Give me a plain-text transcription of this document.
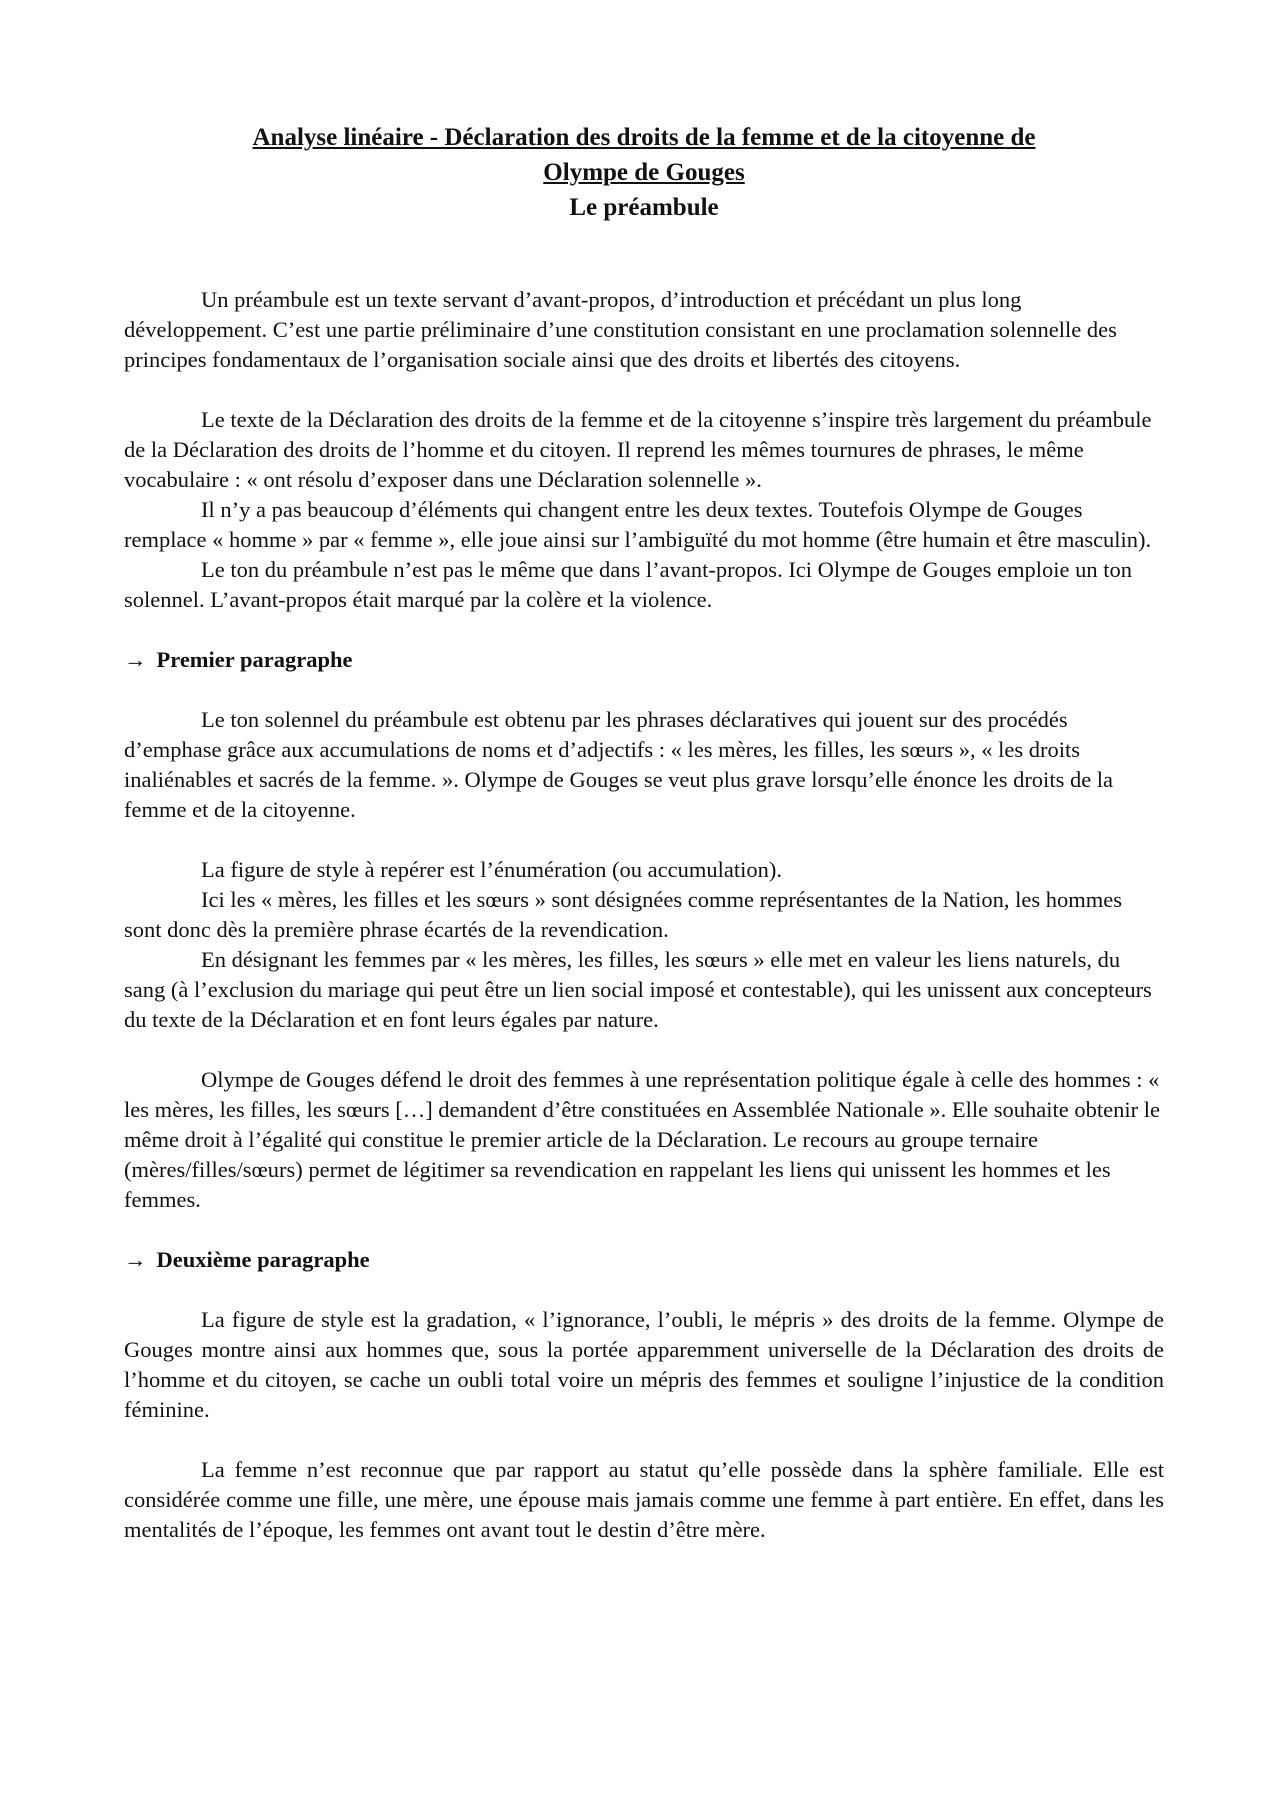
Analyse linéaire - Déclaration des droits de la femme et de la citoyenne de
Olympe de Gouges
Le préambule

Un préambule est un texte servant d’avant-propos, d’introduction et précédant un plus long développement. C’est une partie préliminaire d’une constitution consistant en une proclamation solennelle des principes fondamentaux de l’organisation sociale ainsi que des droits et libertés des citoyens.

Le texte de la Déclaration des droits de la femme et de la citoyenne s’inspire très largement du préambule de la Déclaration des droits de l’homme et du citoyen. Il reprend les mêmes tournures de phrases, le même vocabulaire : « ont résolu d’exposer dans une Déclaration solennelle ».

Il n’y a pas beaucoup d’éléments qui changent entre les deux textes. Toutefois Olympe de Gouges remplace « homme » par « femme », elle joue ainsi sur l’ambiguïté du mot homme (être humain et être masculin).

Le ton du préambule n’est pas le même que dans l’avant-propos. Ici Olympe de Gouges emploie un ton solennel. L’avant-propos était marqué par la colère et la violence.

→ Premier paragraphe

Le ton solennel du préambule est obtenu par les phrases déclaratives qui jouent sur des procédés d’emphase grâce aux accumulations de noms et d’adjectifs : « les mères, les filles, les sœurs », « les droits inaliénables et sacrés de la femme. ». Olympe de Gouges se veut plus grave lorsqu’elle énonce les droits de la femme et de la citoyenne.

La figure de style à repérer est l’énumération (ou accumulation).

Ici les « mères, les filles et les sœurs » sont désignées comme représentantes de la Nation, les hommes sont donc dès la première phrase écartés de la revendication.

En désignant les femmes par « les mères, les filles, les sœurs » elle met en valeur les liens naturels, du sang (à l’exclusion du mariage qui peut être un lien social imposé et contestable), qui les unissent aux concepteurs du texte de la Déclaration et en font leurs égales par nature.

Olympe de Gouges défend le droit des femmes à une représentation politique égale à celle des hommes : « les mères, les filles, les sœurs […] demandent d’être constituées en Assemblée Nationale ». Elle souhaite obtenir le même droit à l’égalité qui constitue le premier article de la Déclaration. Le recours au groupe ternaire (mères/filles/sœurs) permet de légitimer sa revendication en rappelant les liens qui unissent les hommes et les femmes.

→ Deuxième paragraphe

La figure de style est la gradation, « l’ignorance, l’oubli, le mépris » des droits de la femme. Olympe de Gouges montre ainsi aux hommes que, sous la portée apparemment universelle de la Déclaration des droits de l’homme et du citoyen, se cache un oubli total voire un mépris des femmes et souligne l’injustice de la condition féminine.

La femme n’est reconnue que par rapport au statut qu’elle possède dans la sphère familiale. Elle est considérée comme une fille, une mère, une épouse mais jamais comme une femme à part entière. En effet, dans les mentalités de l’époque, les femmes ont avant tout le destin d’être mère.
